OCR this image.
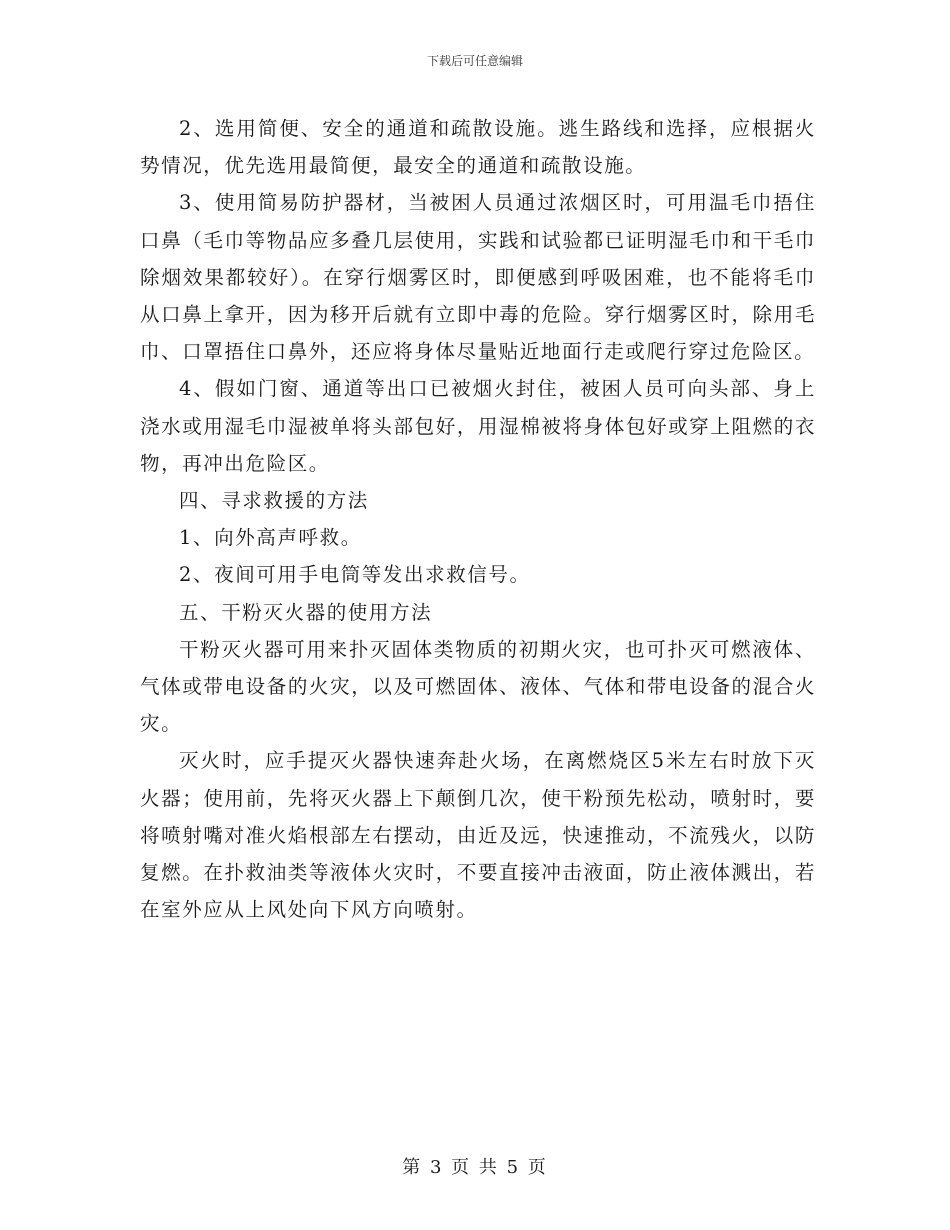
下载后可任意编辑

2、选用简便、安全的通道和疏散设施。逃生路线和选择，应根据火势情况，优先选用最简便，最安全的通道和疏散设施。

3、使用简易防护器材，当被困人员通过浓烟区时，可用温毛巾捂住口鼻（毛巾等物品应多叠几层使用，实践和试验都已证明湿毛巾和干毛巾除烟效果都较好）。在穿行烟雾区时，即便感到呼吸困难，也不能将毛巾从口鼻上拿开，因为移开后就有立即中毒的危险。穿行烟雾区时，除用毛巾、口罩捂住口鼻外，还应将身体尽量贴近地面行走或爬行穿过危险区。

4、假如门窗、通道等出口已被烟火封住，被困人员可向头部、身上浇水或用湿毛巾湿被单将头部包好，用湿棉被将身体包好或穿上阻燃的衣物，再冲出危险区。

四、寻求救援的方法

1、向外高声呼救。

2、夜间可用手电筒等发出求救信号。

五、干粉灭火器的使用方法

干粉灭火器可用来扑灭固体类物质的初期火灾，也可扑灭可燃液体、气体或带电设备的火灾，以及可燃固体、液体、气体和带电设备的混合火灾。

灭火时，应手提灭火器快速奔赴火场，在离燃烧区5米左右时放下灭火器；使用前，先将灭火器上下颠倒几次，使干粉预先松动，喷射时，要将喷射嘴对准火焰根部左右摆动，由近及远，快速推动，不流残火，以防复燃。在扑救油类等液体火灾时，不要直接冲击液面，防止液体溅出，若在室外应从上风处向下风方向喷射。

第 3 页 共 5 页
